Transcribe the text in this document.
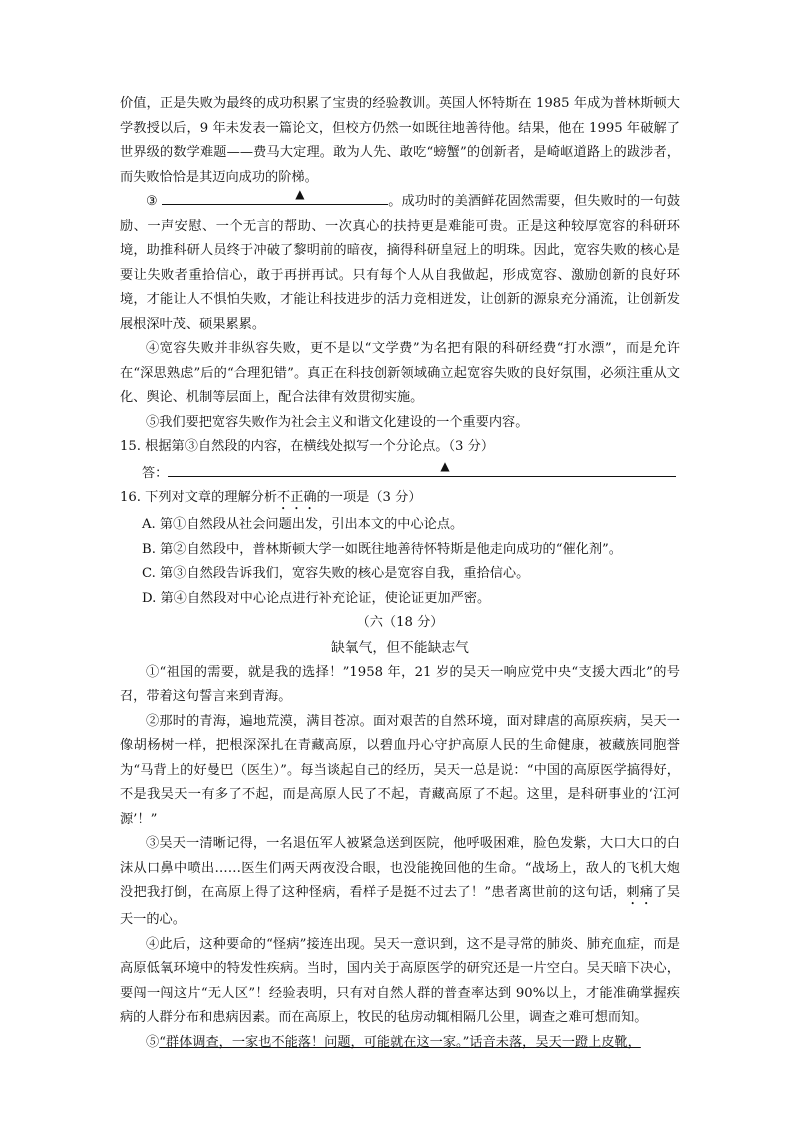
价值，正是失败为最终的成功积累了宝贵的经验教训。英国人怀特斯在 1985 年成为普林斯顿大学教授以后，9 年未发表一篇论文，但校方仍然一如既往地善待他。结果，他在 1995 年破解了世界级的数学难题——费马大定理。敢为人先、敢吃“螃蟹”的创新者，是崎岖道路上的跋涉者，而失败恰恰是其迈向成功的阶梯。

③	▲	。成功时的美酒鲜花固然需要，但失败时的一句鼓励、一声安慰、一个无言的帮助、一次真心的扶持更是难能可贵。正是这种较厚宽容的科研环境，助推科研人员终于冲破了黎明前的暗夜，摘得科研皇冠上的明珠。因此，宽容失败的核心是要让失败者重拾信心，敢于再拼再试。只有每个人从自我做起，形成宽容、激励创新的良好环境，才能让人不惧怕失败，才能让科技进步的活力竞相迸发，让创新的源泉充分涌流，让创新发展根深叶茂、硕果累累。

④宽容失败并非纵容失败，更不是以“文学费”为名把有限的科研经费“打水漂”，而是允许在“深思熟虑”后的“合理犯错”。真正在科技创新领域确立起宽容失败的良好氛围，必须注重从文化、舆论、机制等层面上，配合法律有效贯彻实施。

⑤我们要把宽容失败作为社会主义和谐文化建设的一个重要内容。

15. 根据第③自然段的内容，在横线处拟写一个分论点。（3 分）

答：	▲

16. 下列对文章的理解分析不正确的一项是（3 分）

A. 第①自然段从社会问题出发，引出本文的中心论点。

B. 第②自然段中，普林斯顿大学一如既往地善待怀特斯是他走向成功的“催化剂”。

C. 第③自然段告诉我们，宽容失败的核心是宽容自我，重拾信心。

D. 第④自然段对中心论点进行补充论证，使论证更加严密。

（六（18 分）

缺氧气，但不能缺志气

①“祖国的需要，就是我的选择！”1958 年，21 岁的吴天一响应党中央“支援大西北”的号召，带着这句誓言来到青海。

②那时的青海，遍地荒漠，满目苍凉。面对艰苦的自然环境，面对肆虐的高原疾病，吴天一像胡杨树一样，把根深深扎在青藏高原，以碧血丹心守护高原人民的生命健康，被藏族同胞誉为“马背上的好曼巴（医生）”。每当谈起自己的经历，吴天一总是说：“中国的高原医学搞得好，不是我吴天一有多了不起，而是高原人民了不起，青藏高原了不起。这里，是科研事业的‘江河源’！”

③吴天一清晰记得，一名退伍军人被紧急送到医院，他呼吸困难，脸色发紫，大口大口的白沫从口鼻中喷出……医生们两天两夜没合眼，也没能挽回他的生命。“战场上，敌人的飞机大炮没把我打倒，在高原上得了这种怪病，看样子是挺不过去了！”患者离世前的这句话，刺痛了吴天一的心。

④此后，这种要命的“怪病”接连出现。吴天一意识到，这不是寻常的肺炎、肺充血症，而是高原低氧环境中的特发性疾病。当时，国内关于高原医学的研究还是一片空白。吴天暗下决心，要闯一闯这片“无人区”！经验表明，只有对自然人群的普查率达到 90%以上，才能准确掌握疾病的人群分布和患病因素。而在高原上，牧民的毡房动辄相隔几公里，调查之难可想而知。

⑤“群体调查，一家也不能落！问题，可能就在这一家。”话音未落，吴天一蹬上皮靴，
